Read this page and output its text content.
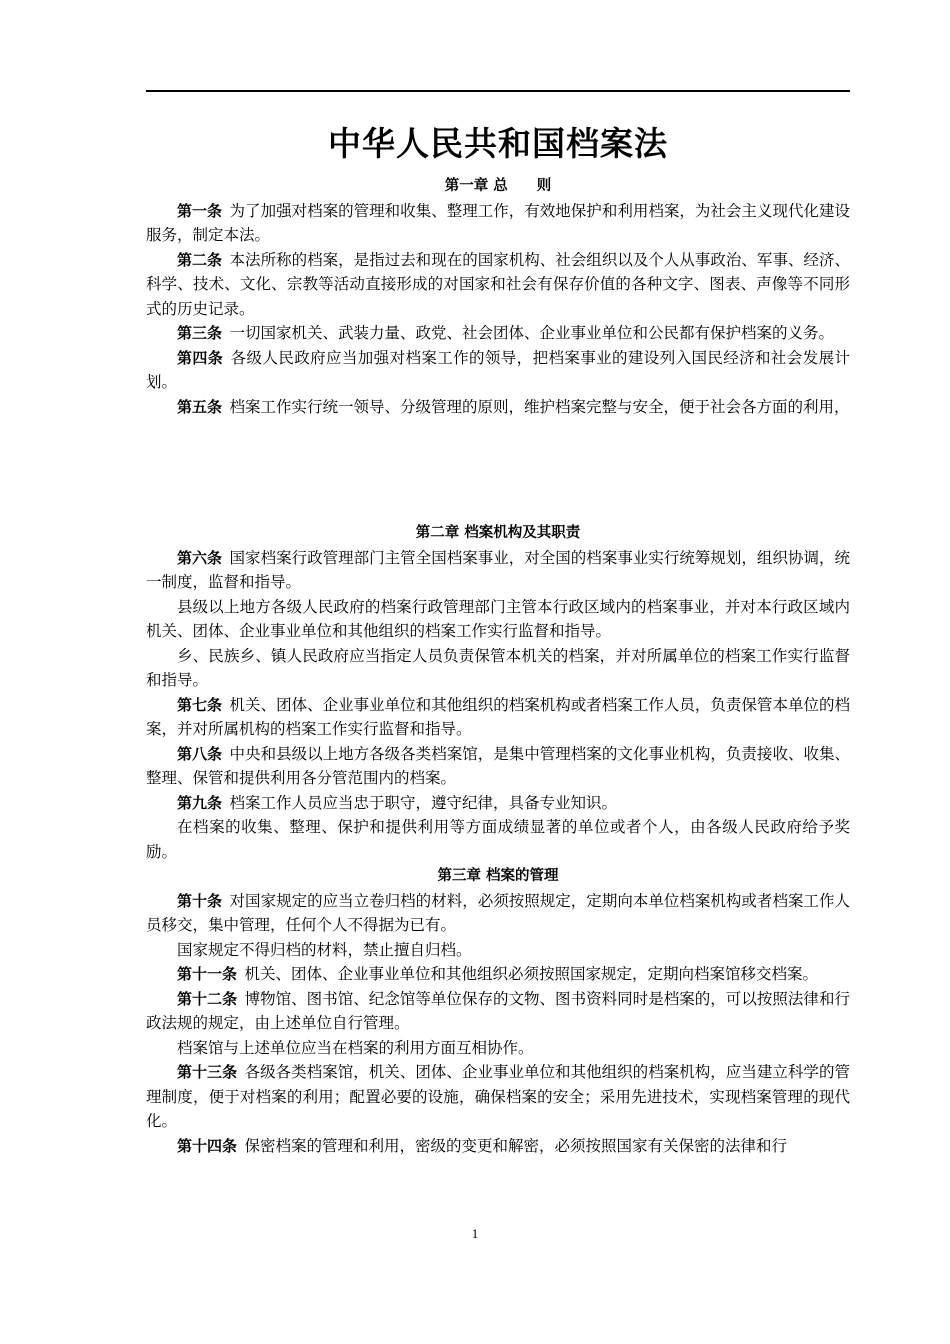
中华人民共和国档案法
第一章 总　　则

第一条 为了加强对档案的管理和收集、整理工作，有效地保护和利用档案，为社会主义现代化建设服务，制定本法。

第二条 本法所称的档案，是指过去和现在的国家机构、社会组织以及个人从事政治、军事、经济、科学、技术、文化、宗教等活动直接形成的对国家和社会有保存价值的各种文字、图表、声像等不同形式的历史记录。

第三条 一切国家机关、武装力量、政党、社会团体、企业事业单位和公民都有保护档案的义务。

第四条 各级人民政府应当加强对档案工作的领导，把档案事业的建设列入国民经济和社会发展计划。

第五条 档案工作实行统一领导、分级管理的原则，维护档案完整与安全，便于社会各方面的利用，

第二章 档案机构及其职责

第六条 国家档案行政管理部门主管全国档案事业，对全国的档案事业实行统筹规划，组织协调，统一制度，监督和指导。

县级以上地方各级人民政府的档案行政管理部门主管本行政区域内的档案事业，并对本行政区域内机关、团体、企业事业单位和其他组织的档案工作实行监督和指导。

乡、民族乡、镇人民政府应当指定人员负责保管本机关的档案，并对所属单位的档案工作实行监督和指导。

第七条 机关、团体、企业事业单位和其他组织的档案机构或者档案工作人员，负责保管本单位的档案，并对所属机构的档案工作实行监督和指导。

第八条 中央和县级以上地方各级各类档案馆，是集中管理档案的文化事业机构，负责接收、收集、整理、保管和提供利用各分管范围内的档案。

第九条 档案工作人员应当忠于职守，遵守纪律，具备专业知识。

在档案的收集、整理、保护和提供利用等方面成绩显著的单位或者个人，由各级人民政府给予奖励。

第三章 档案的管理

第十条 对国家规定的应当立卷归档的材料，必须按照规定，定期向本单位档案机构或者档案工作人员移交，集中管理，任何个人不得据为已有。

国家规定不得归档的材料，禁止擅自归档。

第十一条 机关、团体、企业事业单位和其他组织必须按照国家规定，定期向档案馆移交档案。

第十二条 博物馆、图书馆、纪念馆等单位保存的文物、图书资料同时是档案的，可以按照法律和行政法规的规定，由上述单位自行管理。

档案馆与上述单位应当在档案的利用方面互相协作。

第十三条 各级各类档案馆，机关、团体、企业事业单位和其他组织的档案机构，应当建立科学的管理制度，便于对档案的利用；配置必要的设施，确保档案的安全；采用先进技术，实现档案管理的现代化。

第十四条 保密档案的管理和利用，密级的变更和解密，必须按照国家有关保密的法律和行

1
